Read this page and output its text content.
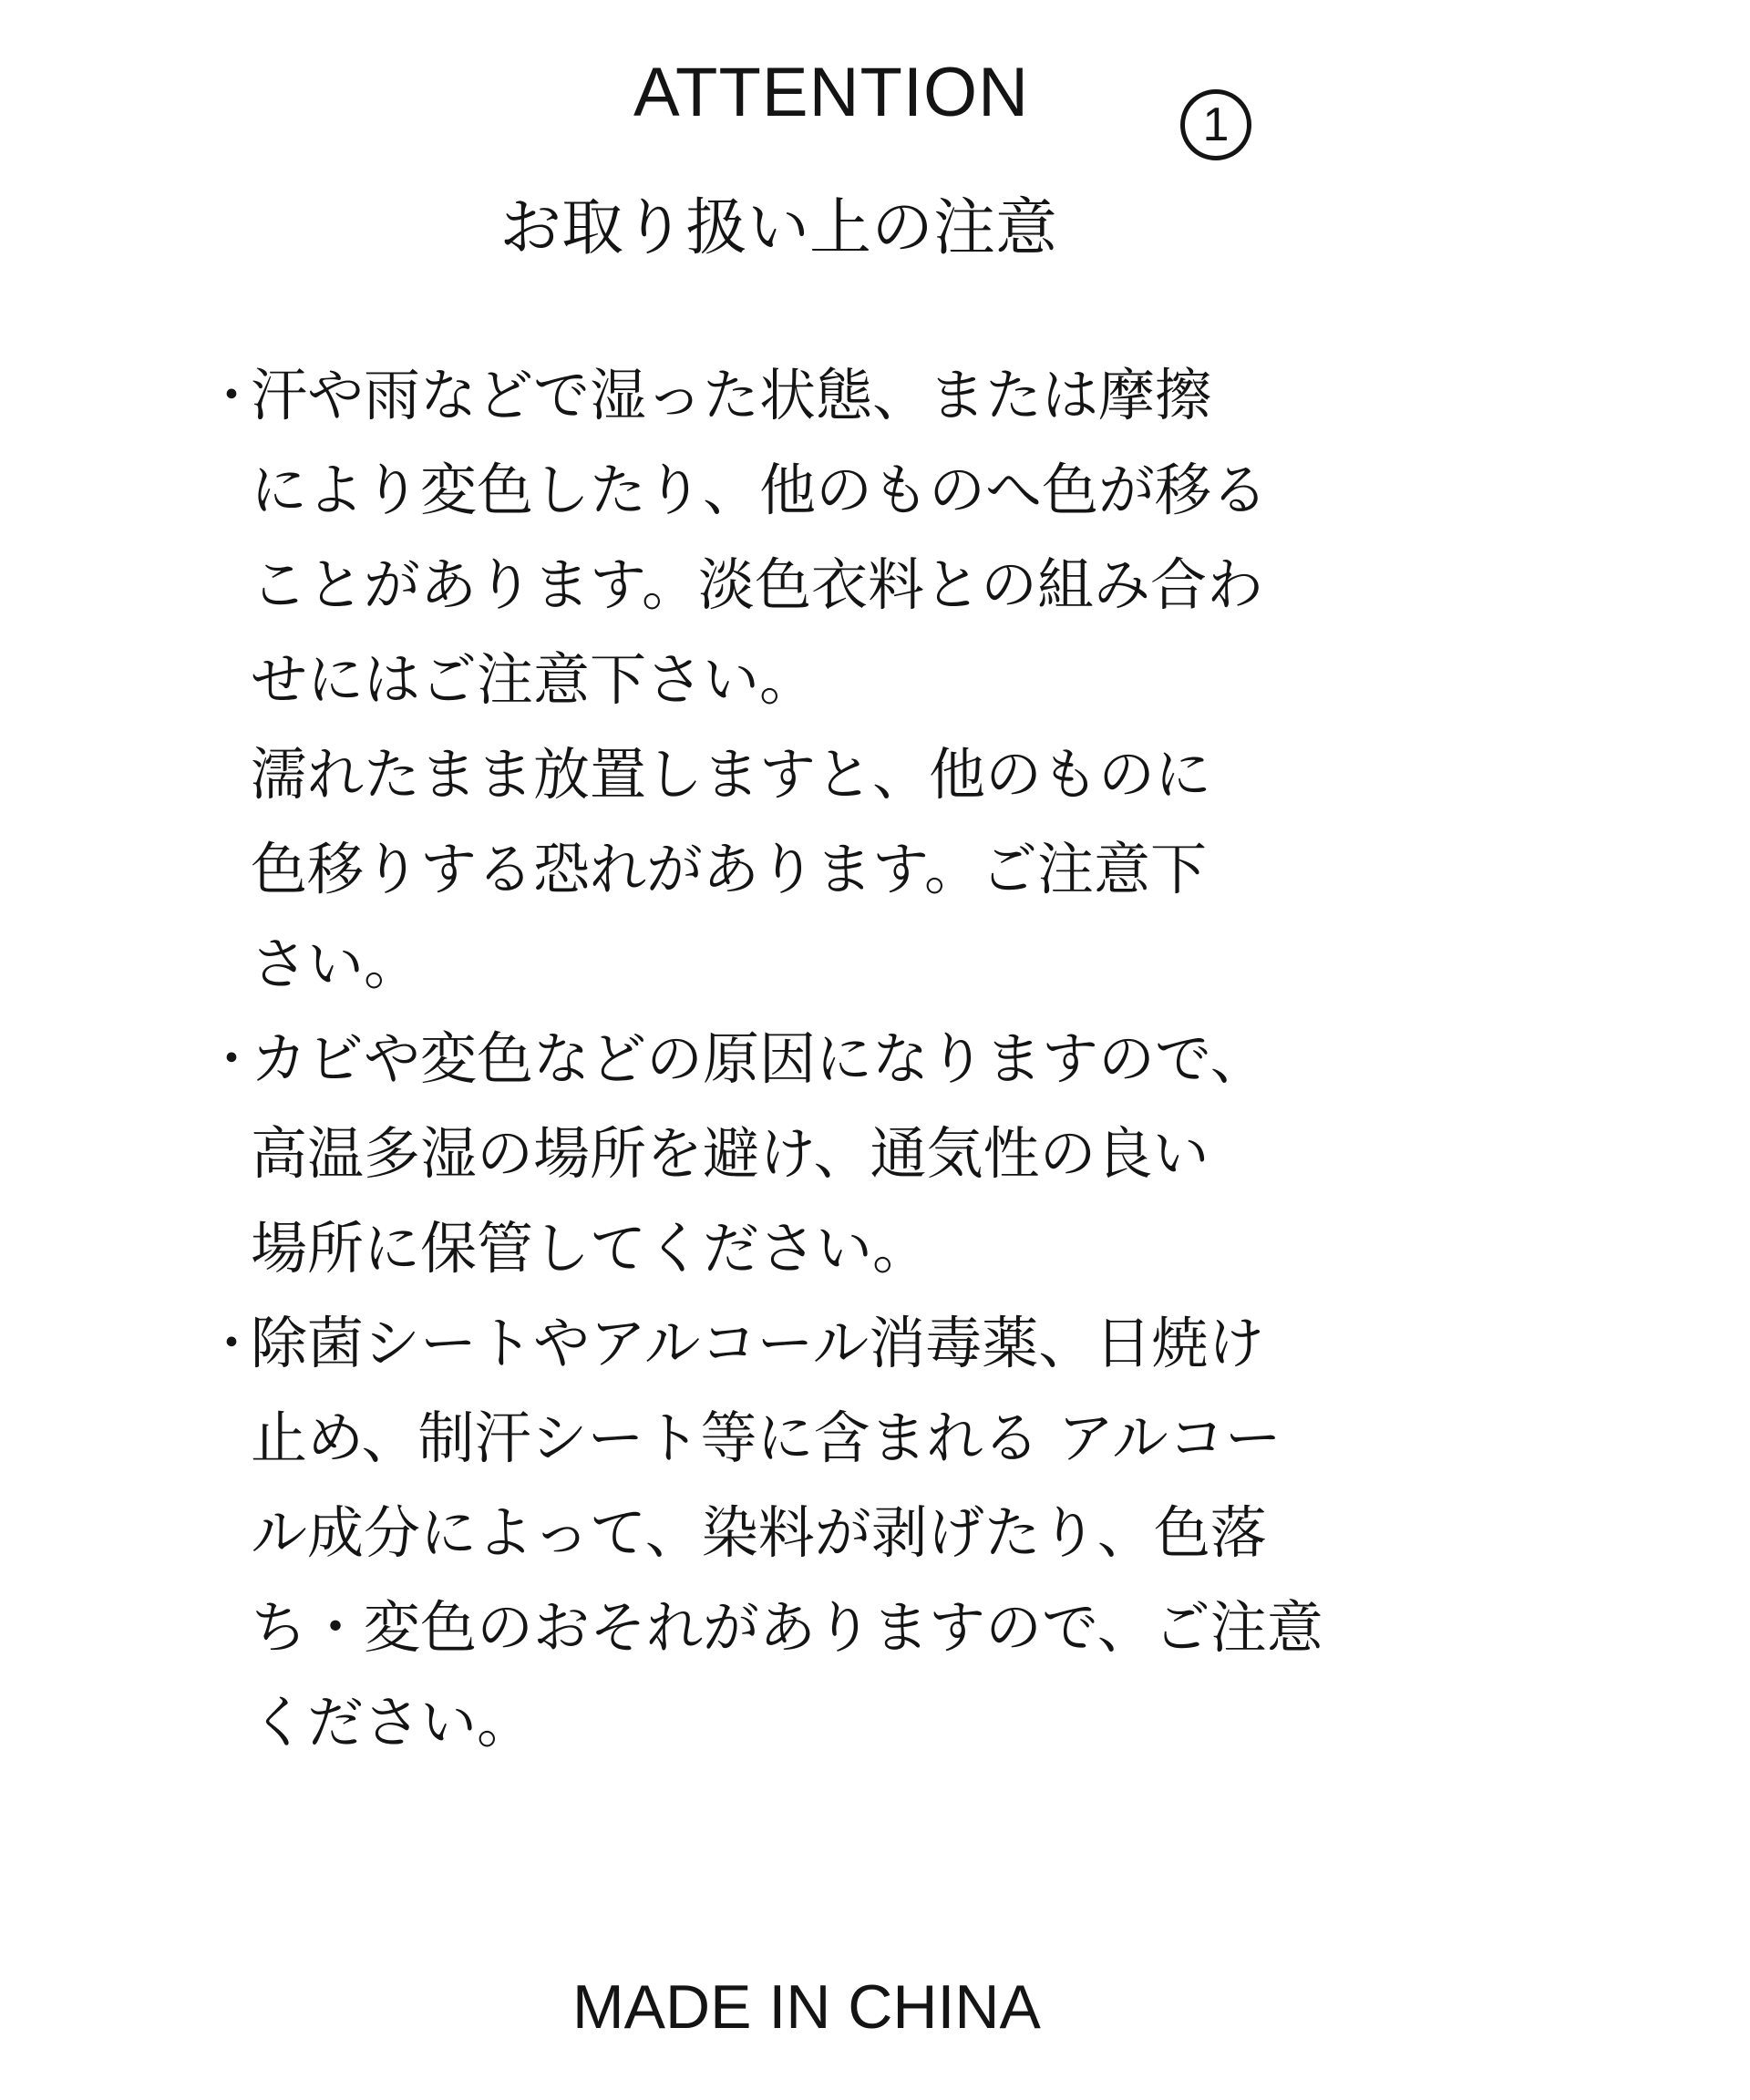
ATTENTION	1
お取り扱い上の注意
・

汗や雨などで湿った状態、または摩擦
により変色したり、他のものへ色が移る
ことがあります。淡色衣料との組み合わ
せにはご注意下さい。

濡れたまま放置しますと、他のものに
色移りする恐れがあります。ご注意下
さい。

・

カビや変色などの原因になりますので、
高温多湿の場所を避け、通気性の良い
場所に保管してください。

・

除菌シートやアルコール消毒薬、日焼け
止め、制汗シート等に含まれる アルコー
ル成分によって、染料が剥げたり、色落
ち・変色のおそれがありますので、ご注意
ください。

MADE IN CHINA
